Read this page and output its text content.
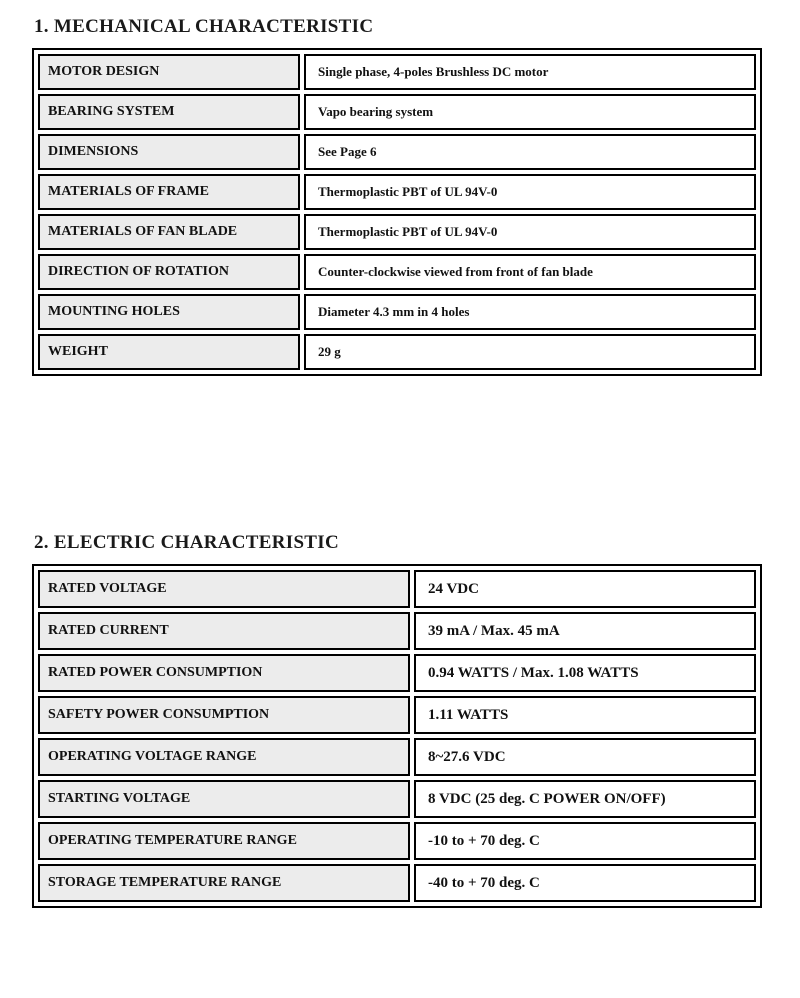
1. MECHANICAL CHARACTERISTIC
MOTOR DESIGN	Single phase, 4-poles Brushless DC motor
BEARING SYSTEM	Vapo bearing system
DIMENSIONS	See Page 6
MATERIALS OF FRAME	Thermoplastic PBT of UL 94V-0
MATERIALS OF FAN BLADE	Thermoplastic PBT of UL 94V-0
DIRECTION OF ROTATION	Counter-clockwise viewed from front of fan blade
MOUNTING HOLES	Diameter 4.3 mm in 4 holes
WEIGHT	29 g
2. ELECTRIC CHARACTERISTIC
RATED VOLTAGE	24 VDC
RATED CURRENT	39 mA / Max. 45 mA
RATED POWER CONSUMPTION	0.94 WATTS / Max. 1.08 WATTS
SAFETY POWER CONSUMPTION	1.11 WATTS
OPERATING VOLTAGE RANGE	8~27.6 VDC
STARTING VOLTAGE	8 VDC (25 deg. C POWER ON/OFF)
OPERATING TEMPERATURE RANGE	-10 to + 70 deg. C
STORAGE TEMPERATURE RANGE	-40 to + 70 deg. C
